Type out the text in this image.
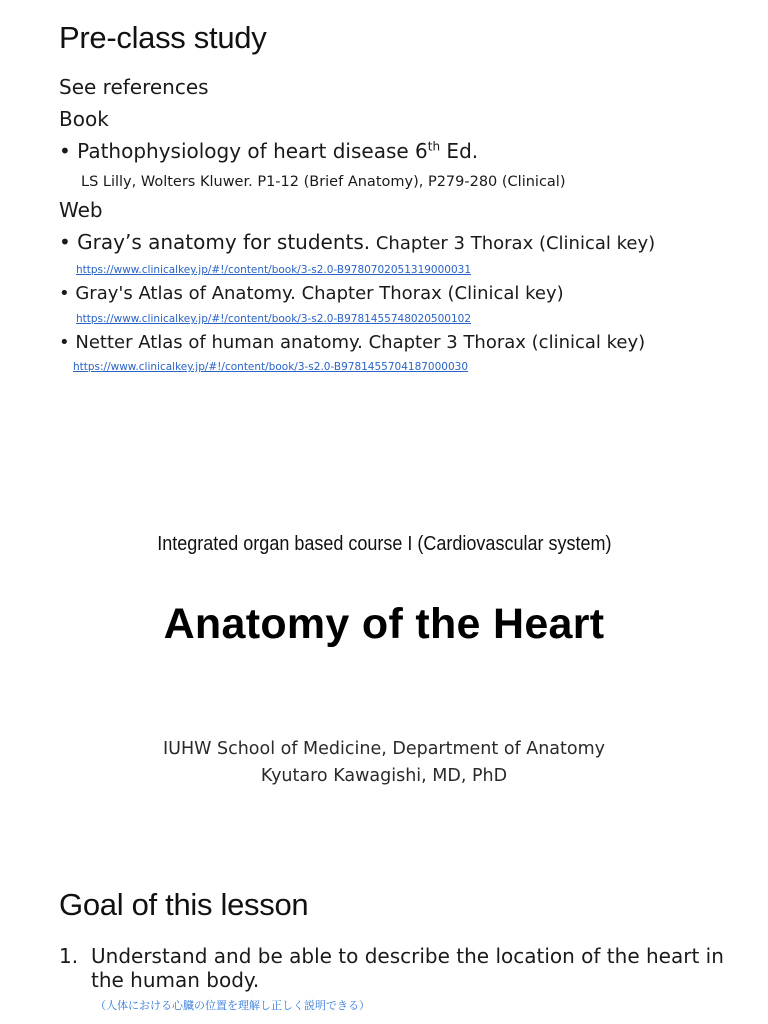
Pre-class study
See references
Book
• Pathophysiology of heart disease 6th Ed.
LS Lilly, Wolters Kluwer. P1-12 (Brief Anatomy), P279-280 (Clinical)
Web
• Gray’s anatomy for students. Chapter 3 Thorax (Clinical key)
https://www.clinicalkey.jp/#!/content/book/3-s2.0-B9780702051319000031
• Gray's Atlas of Anatomy. Chapter Thorax (Clinical key)
https://www.clinicalkey.jp/#!/content/book/3-s2.0-B9781455748020500102
• Netter Atlas of human anatomy. Chapter 3 Thorax (clinical key)
https://www.clinicalkey.jp/#!/content/book/3-s2.0-B9781455704187000030
Integrated organ based course I (Cardiovascular system)
Anatomy of the Heart
IUHW School of Medicine, Department of Anatomy
Kyutaro Kawagishi, MD, PhD
Goal of this lesson
1. Understand and be able to describe the location of the heart in
the human body.
（人体における心臓の位置を理解し正しく説明できる）
